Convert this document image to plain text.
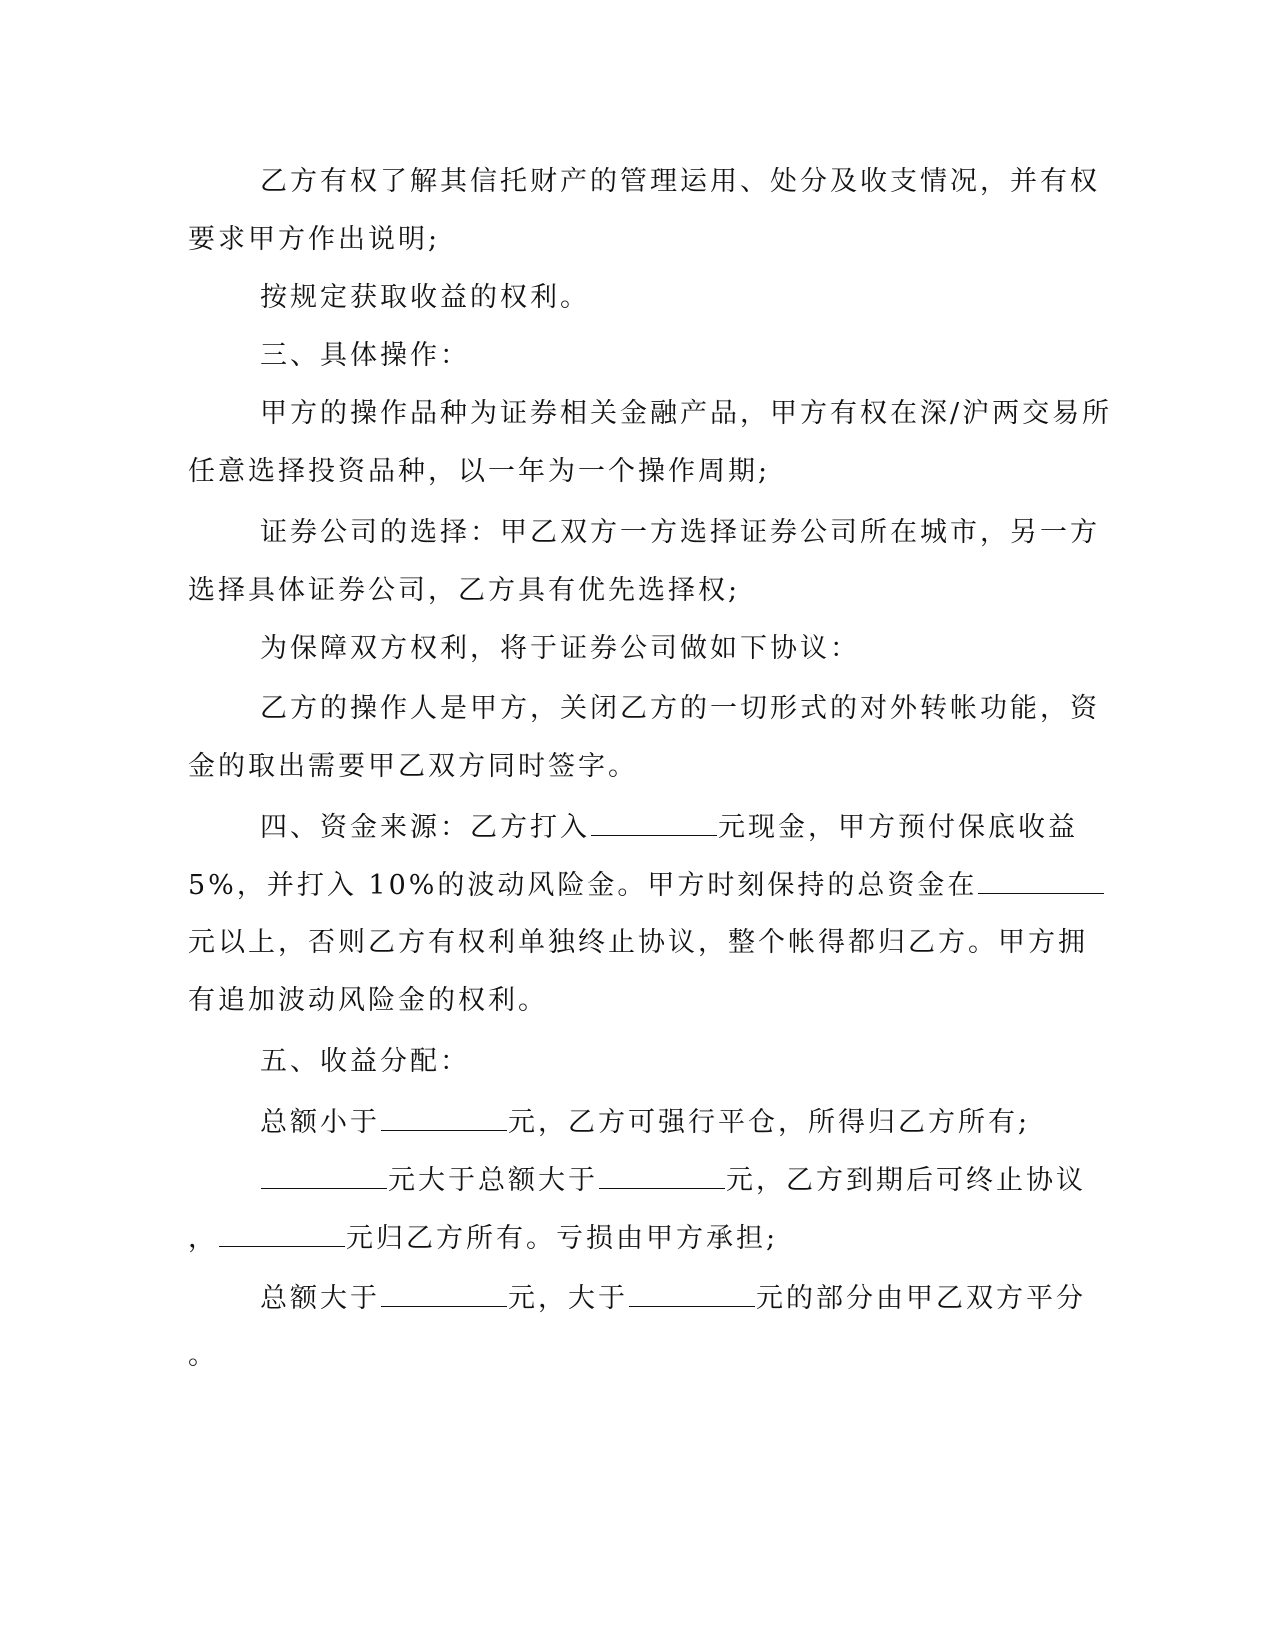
乙方有权了解其信托财产的管理运用、处分及收支情况，并有权
要求甲方作出说明;
按规定获取收益的权利。
三、具体操作：
甲方的操作品种为证券相关金融产品，甲方有权在深/沪两交易所
任意选择投资品种，以一年为一个操作周期;
证券公司的选择：甲乙双方一方选择证券公司所在城市，另一方
选择具体证券公司，乙方具有优先选择权;
为保障双方权利，将于证券公司做如下协议：
乙方的操作人是甲方，关闭乙方的一切形式的对外转帐功能，资
金的取出需要甲乙双方同时签字。
四、资金来源：乙方打入	元现金，甲方预付保底收益
5%，并打入 10%的波动风险金。甲方时刻保持的总资金在
元以上，否则乙方有权利单独终止协议，整个帐得都归乙方。甲方拥
有追加波动风险金的权利。
五、收益分配：
总额小于	元，乙方可强行平仓，所得归乙方所有;
元大于总额大于	元，乙方到期后可终止协议
，	元归乙方所有。亏损由甲方承担;
总额大于	元，大于	元的部分由甲乙双方平分
。
